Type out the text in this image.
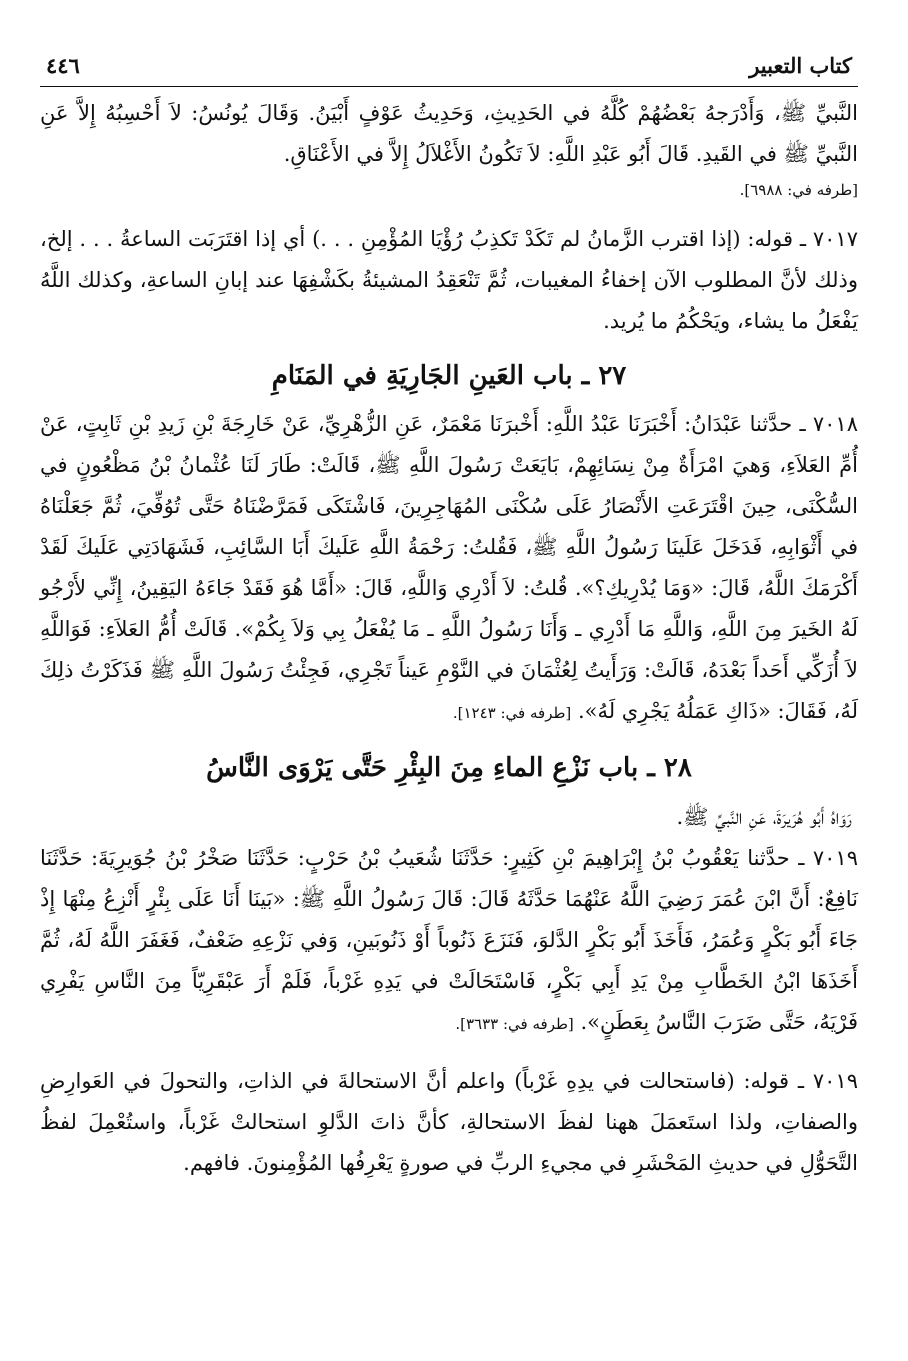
كتاب التعبير
٤٤٦

النَّبيِّ ﷺ، وَأَدْرَجهُ بَعْضُهُمْ كُلَّهُ في الحَدِيثِ، وَحَدِيثُ عَوْفٍ أَبْيَنُ. وَقَالَ يُونُسُ: لاَ أَحْسِبُهُ إِلاَّ عَنِ النَّبيِّ ﷺ في القَيدِ. قَالَ أَبُو عَبْدِ اللَّهِ: لاَ تَكُونُ الأَغْلاَلُ إِلاَّ في الأَعْنَاقِ.

[طرفه في: ٦٩٨٨].

٧٠١٧ ـ قوله: (إذا اقترب الزَّمانُ لم تَكَدْ تَكذِبُ رُؤْيَا المُؤْمِنِ . . .) أي إذا اقتَرَبَت الساعةُ . . . إلخ، وذلك لأنَّ المطلوب الآن إخفاءُ المغيبات، ثُمَّ تَنْعَقِدُ المشيئةُ بكَشْفِهَا عند إبانِ الساعةِ، وكذلك اللَّهُ يَفْعَلُ ما يشاء، ويَحْكُمُ ما يُريد.

٢٧ ـ باب العَينِ الجَارِيَةِ في المَنَامِ

٧٠١٨ ـ حدَّثنا عَبْدَانُ: أَخْبَرَنَا عَبْدُ اللَّهِ: أَخْبرَنَا مَعْمَرٌ، عَنِ الزُّهْرِيِّ، عَنْ خَارِجَةَ بْنِ زَيدِ بْنِ ثَابِتٍ، عَنْ أُمِّ العَلاَءِ، وَهيَ امْرَأَةٌ مِنْ نِسَائِهِمْ، بَايَعَتْ رَسُولَ اللَّهِ ﷺ، قَالَتْ: طَارَ لَنَا عُثْمانُ بْنُ مَظْعُونٍ في السُّكْنَى، حِينَ اقْتَرَعَتِ الأَنْصَارُ عَلَى سُكْنَى المُهَاجِرِينَ، فَاشْتَكَى فَمَرَّضْنَاهُ حَتَّى تُوُفِّيَ، ثُمَّ جَعَلْنَاهُ في أَثْوَابِهِ، فَدَخَلَ عَلَينَا رَسُولُ اللَّهِ ﷺ، فَقُلتُ: رَحْمَةُ اللَّهِ عَلَيكَ أَبَا السَّائِبِ، فَشَهَادَتِي عَلَيكَ لَقَدْ أَكْرَمَكَ اللَّهُ، قَالَ: «وَمَا يُدْرِيكِ؟». قُلتُ: لاَ أَدْرِي وَاللَّهِ، قَالَ: «أَمَّا هُوَ فَقَدْ جَاءَهُ اليَقِينُ، إِنِّي لأَرْجُو لَهُ الخَيرَ مِنَ اللَّهِ، وَاللَّهِ مَا أَدْرِي ـ وَأَنَا رَسُولُ اللَّهِ ـ مَا يُفْعَلُ بِي وَلاَ بِكُمْ». قَالَتْ أُمُّ العَلاَءِ: فَوَاللَّهِ لاَ أُزَكِّي أَحَداً بَعْدَهُ، قَالَتْ: وَرَأَيتُ لِعُثْمَانَ في النَّوْمِ عَيناً تَجْرِي، فَجِئْتُ رَسُولَ اللَّهِ ﷺ فَذَكَرْتُ ذلِكَ لَهُ، فَقَالَ: «ذَاكِ عَمَلُهُ يَجْرِي لَهُ». [طرفه في: ١٢٤٣].

٢٨ ـ باب نَزْعِ الماءِ مِنَ البِئْرِ حَتَّى يَرْوَى النَّاسُ

رَوَاهُ أَبُو هُرَيرَةَ، عَنِ النَّبيِّ ﷺ.

٧٠١٩ ـ حدَّثنا يَعْقُوبُ بْنُ إِبْرَاهِيمَ بْنِ كَثِيرٍ: حَدَّثَنَا شُعَيبُ بْنُ حَرْبٍ: حَدَّثَنَا صَخْرُ بْنُ جُوَيرِيَةَ: حَدَّثَنَا نَافِعٌ: أَنَّ ابْنَ عُمَرَ رَضِيَ اللَّهُ عَنْهُمَا حَدَّثَهُ قَالَ: قَالَ رَسُولُ اللَّهِ ﷺ: «بَينَا أَنَا عَلَى بِئْرٍ أَنْزِعُ مِنْهَا إِذْ جَاءَ أَبُو بَكْرٍ وَعُمَرُ، فَأَخَذَ أَبُو بَكْرٍ الدَّلوَ، فَنَزَعَ ذَنُوباً أَوْ ذَنُوبَينِ، وَفي نَزْعِهِ ضَعْفٌ، فَغَفَرَ اللَّهُ لَهُ، ثُمَّ أَخَذَهَا ابْنُ الخَطَّابِ مِنْ يَدِ أَبِي بَكْرٍ، فَاسْتَحَالَتْ في يَدِهِ غَرْباً، فَلَمْ أَرَ عَبْقَرِيّاً مِنَ النَّاسِ يَفْرِي فَرْيَهُ، حَتَّى ضَرَبَ النَّاسُ بِعَطَنٍ». [طرفه في: ٣٦٣٣].

٧٠١٩ ـ قوله: (فاستحالت في يدِهِ غَرْباً) واعلم أنَّ الاستحالةَ في الذاتِ، والتحولَ في العَوارِضِ والصفاتِ، ولذا استَعمَلَ ههنا لفظَ الاستحالةِ، كأنَّ ذاتَ الدَّلوِ استحالتْ غَرْباً، واستُعْمِلَ لفظُ التَّحَوُّلِ في حديثِ المَحْشَرِ في مجيءِ الربِّ في صورةٍ يَعْرِفُها المُؤْمِنونَ. فافهم.
